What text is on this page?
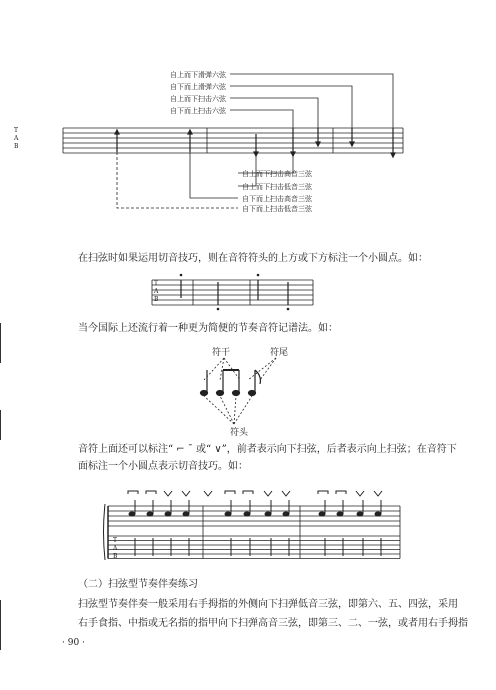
T
A
B
自上而下滑弹六弦
自下而上滑弹六弦
自上而下扫击六弦
自下而上扫击六弦
自上而下扫击高音三弦
自上而下扫击低音三弦
自下而上扫击高音三弦
自下而上扫击低音三弦
在扫弦时如果运用切音技巧，则在音符符头的上方或下方标注一个小圆点。如：
T
A
B
当今国际上还流行着一种更为简便的节奏音符记谱法。如：
符干	符尾
符头
音符上面还可以标注“ ⌐ ¯ 或“ ∨”，前者表示向下扫弦，后者表示向上扫弦；在音符下
面标注一个小圆点表示切音技巧。如：
T
A
B
（二）扫弦型节奏伴奏练习
扫弦型节奏伴奏一般采用右手拇指的外侧向下扫弹低音三弦，即第六、五、四弦，采用
右手食指、中指或无名指的指甲向下扫弹高音三弦，即第三、二、一弦，或者用右手拇指
· 90 ·
